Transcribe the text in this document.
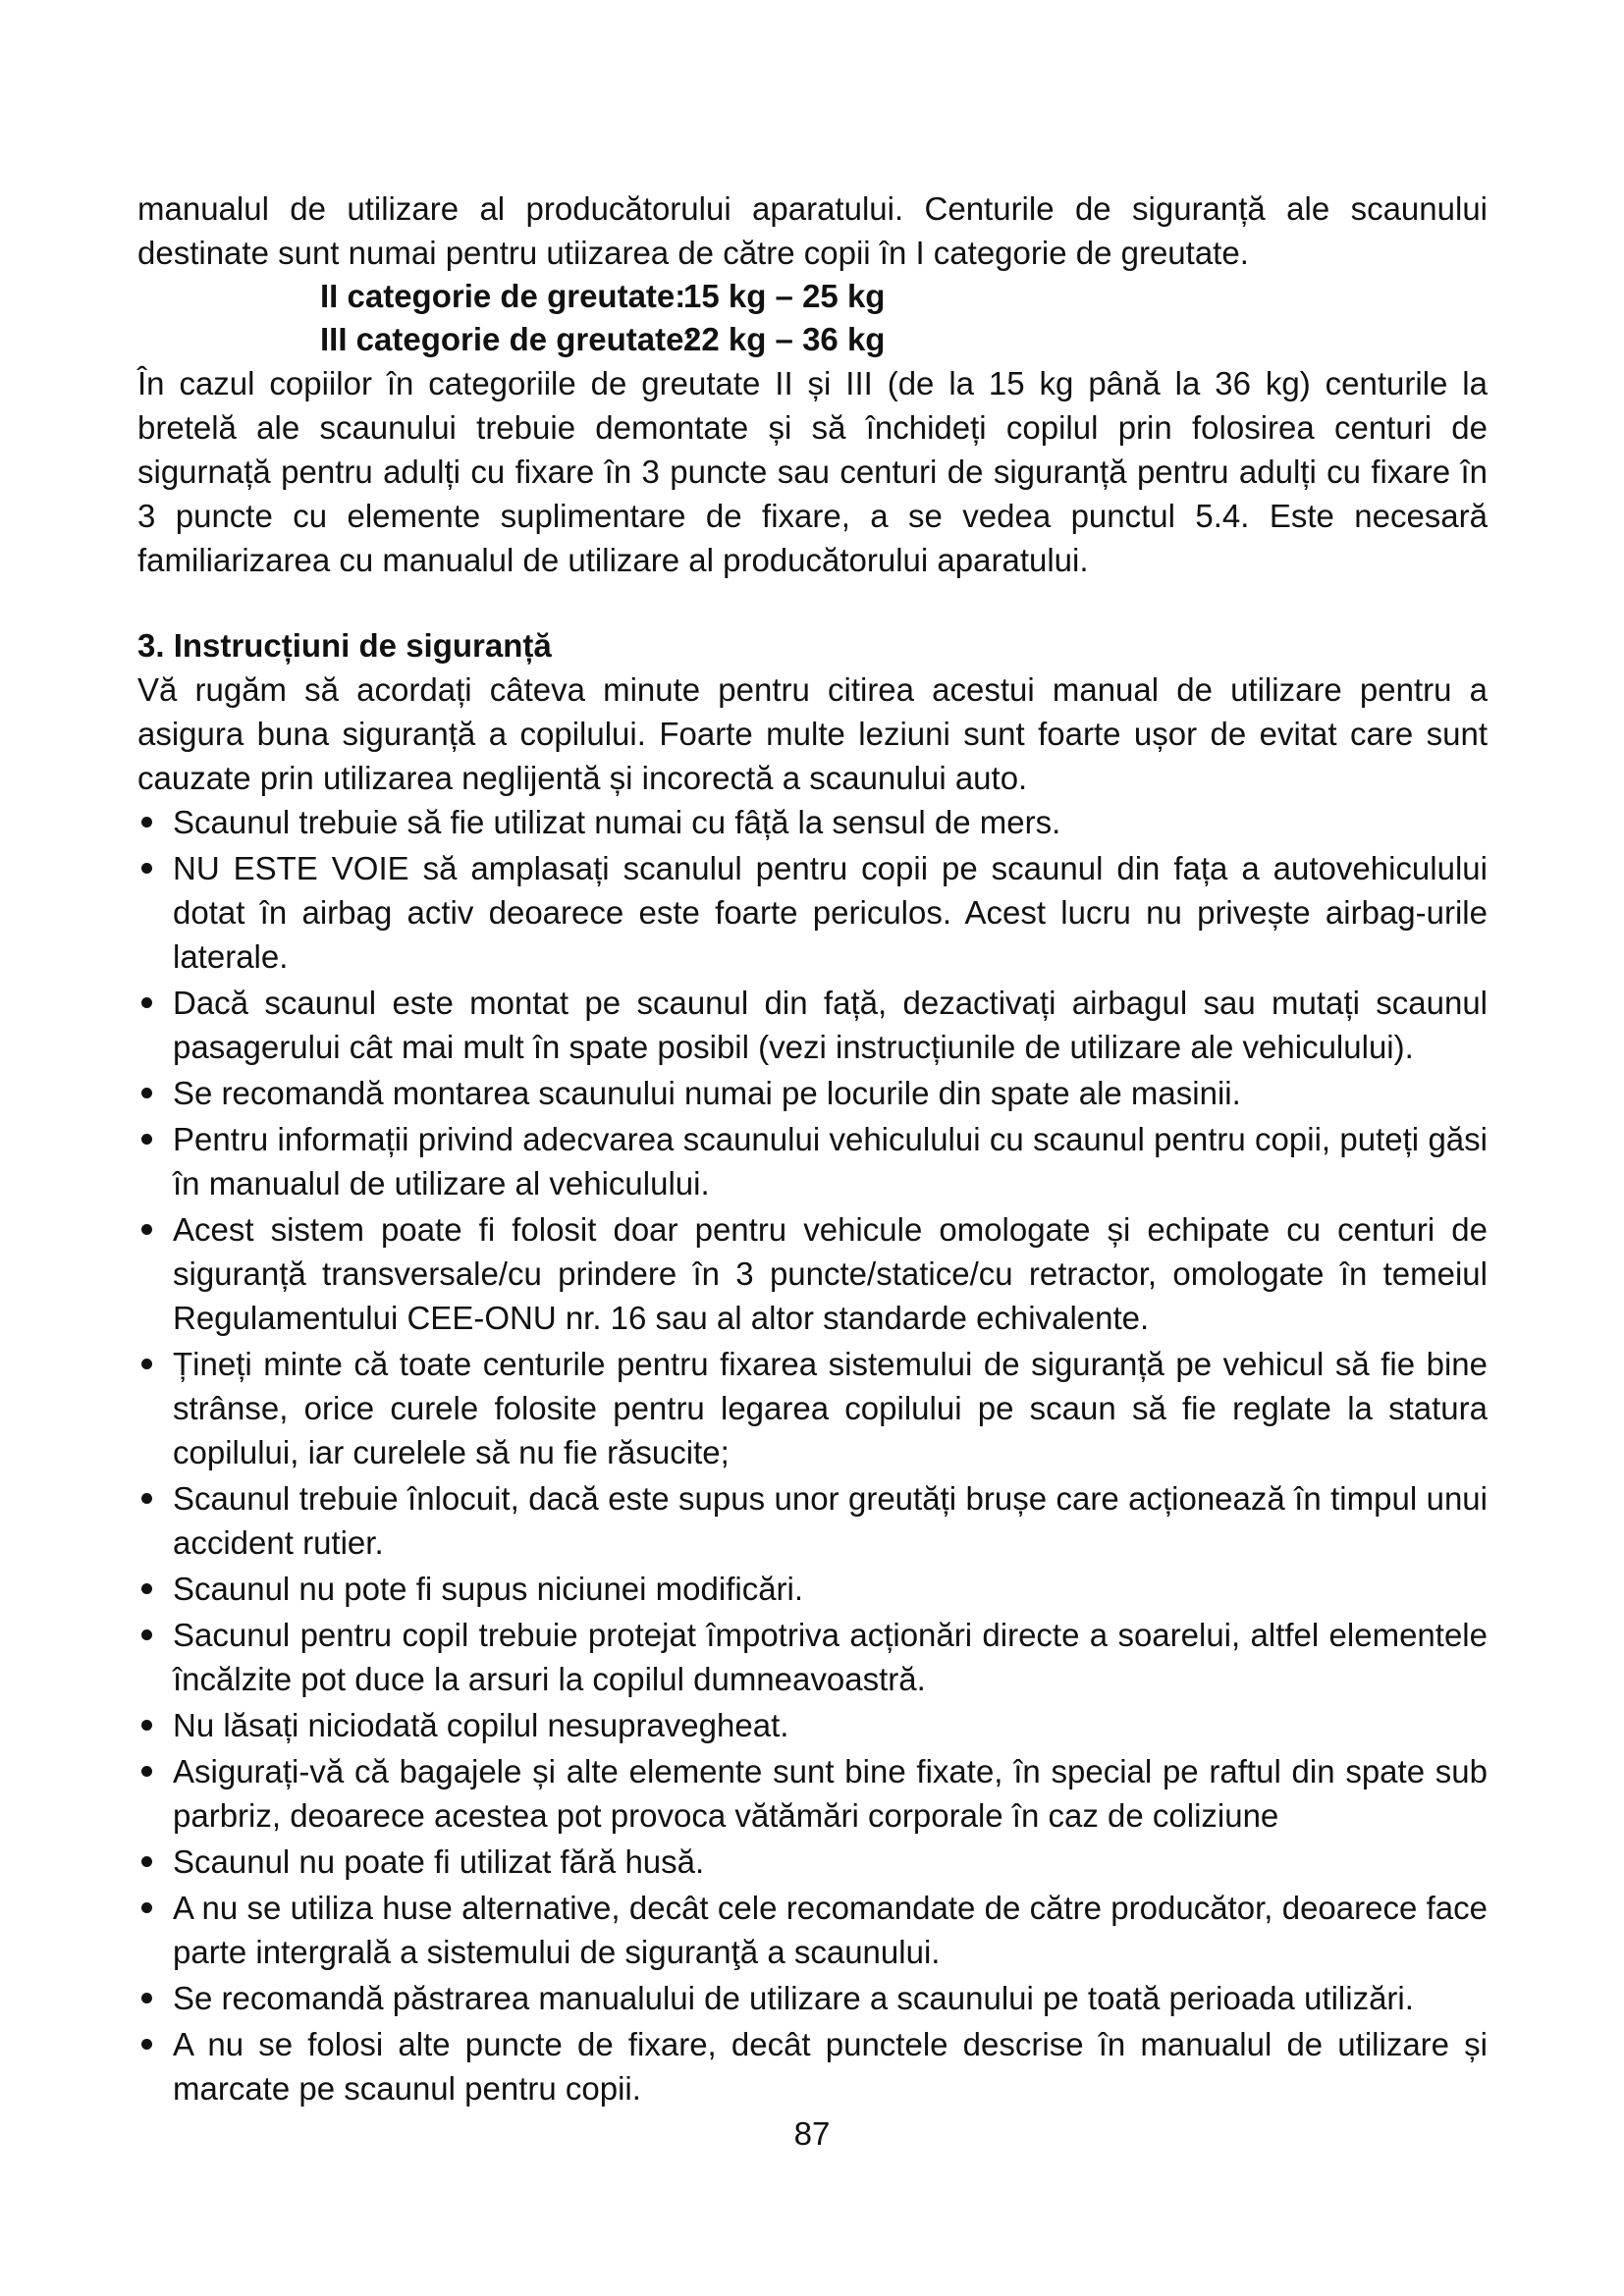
manualul de utilizare al producătorului aparatului. Centurile de siguranță ale scaunului destinate sunt numai pentru utiizarea de către copii în I categorie de greutate.

II categorie de greutate:15 kg – 25 kg

III categorie de greutate:22 kg – 36 kg

În cazul copiilor în categoriile de greutate II și III (de la 15 kg până la 36 kg) centurile la bretelă ale scaunului trebuie demontate și să închideți copilul prin folosirea centuri de sigurnață pentru adulți cu fixare în 3 puncte sau centuri de siguranță pentru adulți cu fixare în 3 puncte cu elemente suplimentare de fixare, a se vedea punctul 5.4. Este necesară familiarizarea cu manualul de utilizare al producătorului aparatului.

3. Instrucțiuni de siguranță

Vă rugăm să acordați câteva minute pentru citirea acestui manual de utilizare pentru a asigura buna siguranță a copilului. Foarte multe leziuni sunt foarte ușor de evitat care sunt cauzate prin utilizarea neglijentă și incorectă a scaunului auto.

Scaunul trebuie să fie utilizat numai cu fâță la sensul de mers.
NU ESTE VOIE să amplasați scanulul pentru copii pe scaunul din fața a autovehiculului dotat în airbag activ deoarece este foarte periculos. Acest lucru nu privește airbag-urile laterale.
Dacă scaunul este montat pe scaunul din față, dezactivați airbagul sau mutați scaunul pasagerului cât mai mult în spate posibil (vezi instrucțiunile de utilizare ale vehiculului).
Se recomandă montarea scaunului numai pe locurile din spate ale masinii.
Pentru informații privind adecvarea scaunului vehiculului cu scaunul pentru copii, puteți găsi în manualul de utilizare al vehiculului.
Acest sistem poate fi folosit doar pentru vehicule omologate și echipate cu centuri de siguranță transversale/cu prindere în 3 puncte/statice/cu retractor, omologate în temeiul Regulamentului CEE-ONU nr. 16 sau al altor standarde echivalente.
Țineți minte că toate centurile pentru fixarea sistemului de siguranță pe vehicul să fie bine strânse, orice curele folosite pentru legarea copilului pe scaun să fie reglate la statura copilului, iar curelele să nu fie răsucite;
Scaunul trebuie înlocuit, dacă este supus unor greutăți brușe care acționează în timpul unui accident rutier.
Scaunul nu pote fi supus niciunei modificări.
Sacunul pentru copil trebuie protejat împotriva acționări directe a soarelui, altfel elementele încălzite pot duce la arsuri la copilul dumneavoastră.
Nu lăsați niciodată copilul nesupravegheat.
Asigurați-vă că bagajele și alte elemente sunt bine fixate, în special pe raftul din spate sub parbriz, deoarece acestea pot provoca vătămări corporale în caz de coliziune
Scaunul nu poate fi utilizat fără husă.
A nu se utiliza huse alternative, decât cele recomandate de către producător, deoarece face parte intergrală a sistemului de siguranţă a scaunului.
Se recomandă păstrarea manualului de utilizare a scaunului pe toată perioada utilizări.
A nu se folosi alte puncte de fixare, decât punctele descrise în manualul de utilizare și marcate pe scaunul pentru copii.
87
